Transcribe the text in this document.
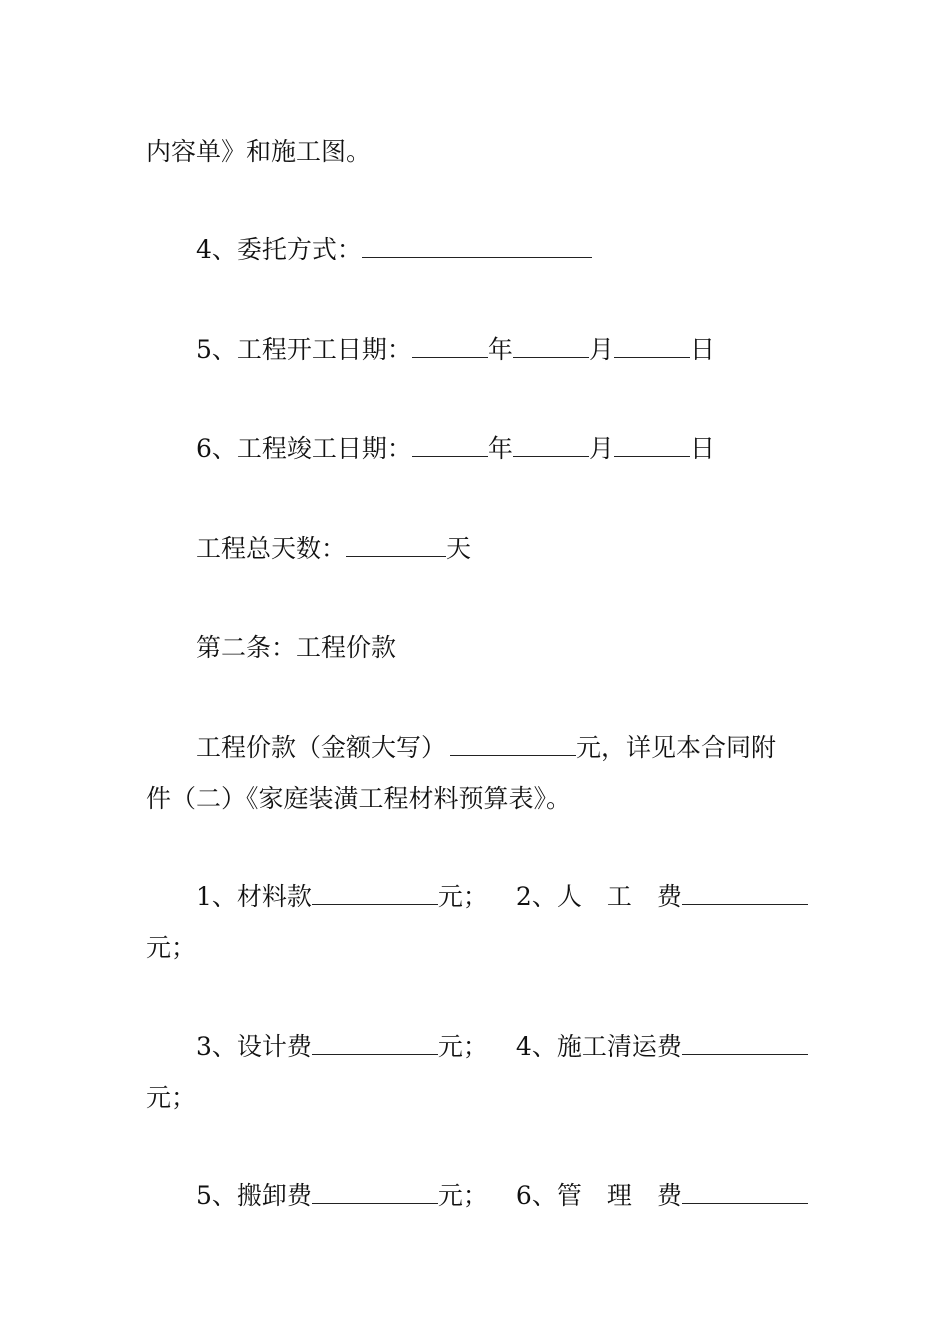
内容单》和施工图。
4、委托方式：
5、工程开工日期：	年	月	日
6、工程竣工日期：	年	月	日
工程总天数：	天
第二条：工程价款
工程价款（金额大写）	元，详见本合同附
件（二）《家庭装潢工程材料预算表》。
1、材料款	元； 2、人　工　费
元；
3、设计费	元； 4、施工清运费
元；
5、搬卸费	元； 6、管　理　费
